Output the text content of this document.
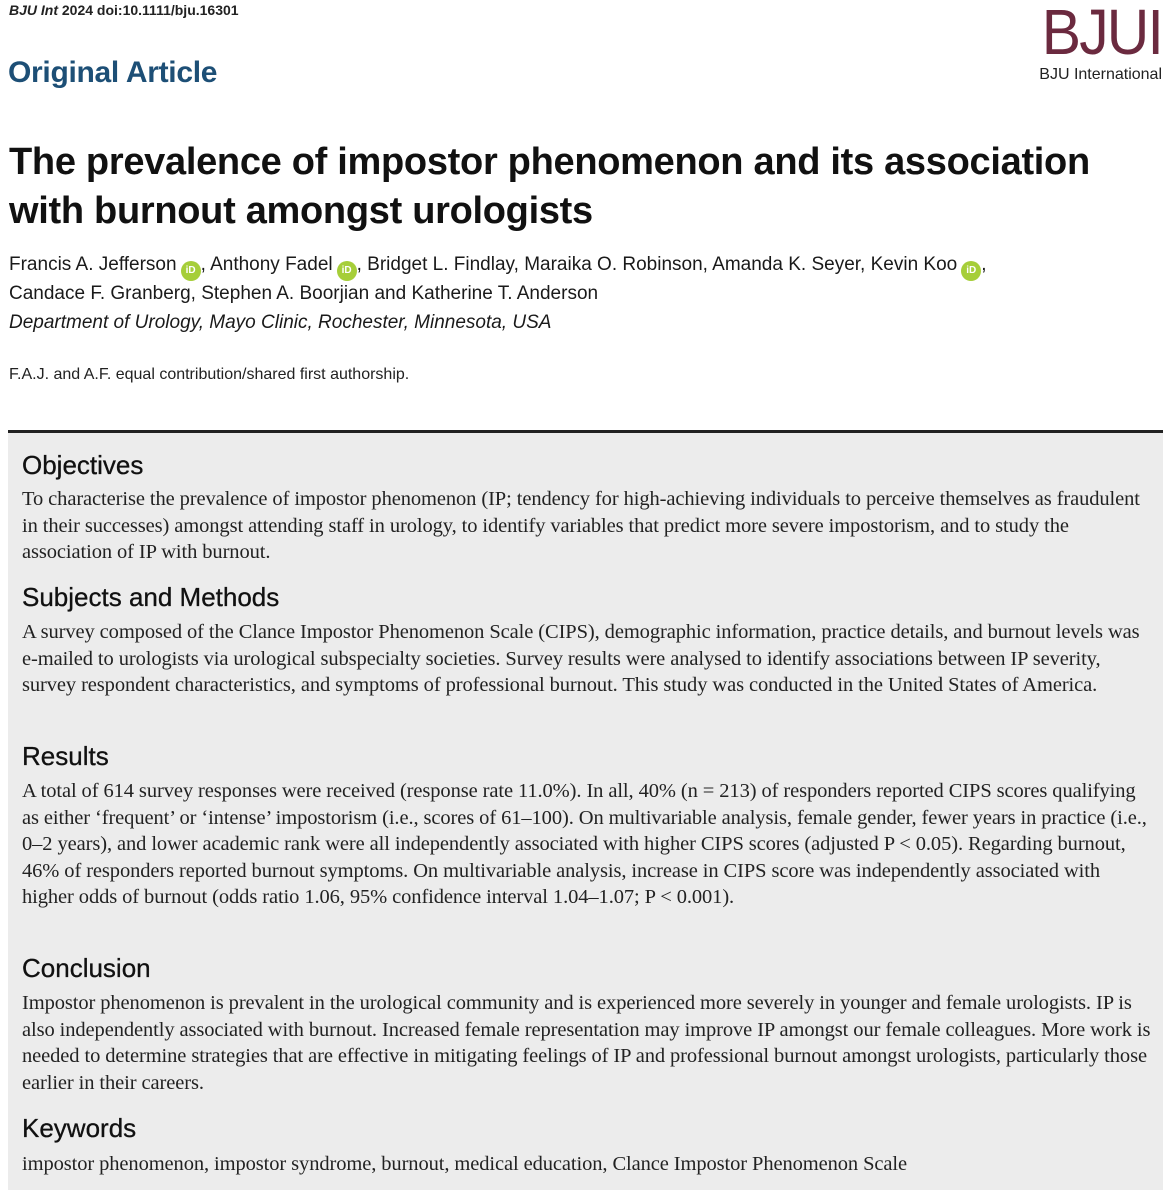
BJU Int 2024 doi:10.1111/bju.16301
Original Article
BJUI
BJU International
The prevalence of impostor phenomenon and its association with burnout amongst urologists
Francis A. Jefferson iD , Anthony Fadel iD , Bridget L. Findlay, Maraika O. Robinson, Amanda K. Seyer, Kevin Koo iD ,
Candace F. Granberg, Stephen A. Boorjian and Katherine T. Anderson
Department of Urology, Mayo Clinic, Rochester, Minnesota, USA
F.A.J. and A.F. equal contribution/shared first authorship.
Objectives

To characterise the prevalence of impostor phenomenon (IP; tendency for high-achieving individuals to perceive themselves as fraudulent in their successes) amongst attending staff in urology, to identify variables that predict more severe impostorism, and to study the association of IP with burnout.

Subjects and Methods

A survey composed of the Clance Impostor Phenomenon Scale (CIPS), demographic information, practice details, and burnout levels was e-mailed to urologists via urological subspecialty societies. Survey results were analysed to identify associations between IP severity, survey respondent characteristics, and symptoms of professional burnout. This study was conducted in the United States of America.

Results

A total of 614 survey responses were received (response rate 11.0%). In all, 40% (n = 213) of responders reported CIPS scores qualifying as either ‘frequent’ or ‘intense’ impostorism (i.e., scores of 61–100). On multivariable analysis, female gender, fewer years in practice (i.e., 0–2 years), and lower academic rank were all independently associated with higher CIPS scores (adjusted P < 0.05). Regarding burnout, 46% of responders reported burnout symptoms. On multivariable analysis, increase in CIPS score was independently associated with higher odds of burnout (odds ratio 1.06, 95% confidence interval 1.04–1.07; P < 0.001).

Conclusion

Impostor phenomenon is prevalent in the urological community and is experienced more severely in younger and female urologists. IP is also independently associated with burnout. Increased female representation may improve IP amongst our female colleagues. More work is needed to determine strategies that are effective in mitigating feelings of IP and professional burnout amongst urologists, particularly those earlier in their careers.

Keywords

impostor phenomenon, impostor syndrome, burnout, medical education, Clance Impostor Phenomenon Scale
